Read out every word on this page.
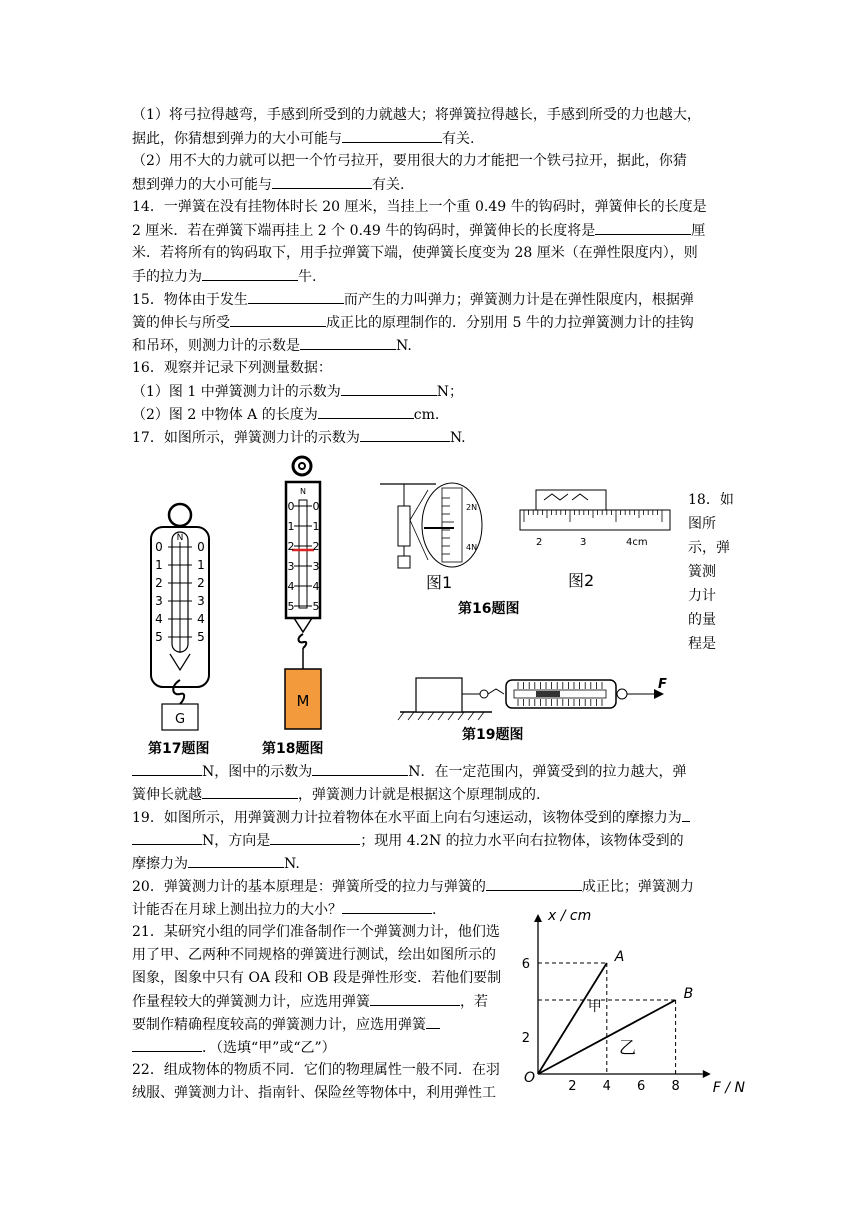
（1）将弓拉得越弯，手感到所受到的力就越大；将弹簧拉得越长，手感到所受的力也越大，
据此，你猜想到弹力的大小可能与	有关.
（2）用不大的力就可以把一个竹弓拉开，要用很大的力才能把一个铁弓拉开，据此，你猜
想到弹力的大小可能与	有关.
14．一弹簧在没有挂物体时长 20 厘米，当挂上一个重 0.49 牛的钩码时，弹簧伸长的长度是
2 厘米．若在弹簧下端再挂上 2 个 0.49 牛的钩码时，弹簧伸长的长度将是	厘
米．若将所有的钩码取下，用手拉弹簧下端，使弹簧长度变为 28 厘米（在弹性限度内），则
手的拉力为	牛.
15．物体由于发生	而产生的力叫弹力；弹簧测力计是在弹性限度内，根据弹
簧的伸长与所受	成正比的原理制作的．分别用 5 牛的力拉弹簧测力计的挂钩
和吊环，则测力计的示数是	N.
16．观察并记录下列测量数据：
（1）图 1 中弹簧测力计的示数为	N；
（2）图 2 中物体 A 的长度为	cm.
17．如图所示，弹簧测力计的示数为	N.
N
0
1
2
3
4
5
0
1
2
3
4
5
G
N
0
1
2
3
4
5
0
1
2
3
4
5
M
第17题图	第18题图
2N
4N	2	3	4cm
图1	图2
第16题图
18．如
图所
示，弹
簧测
力计
的量
程是
F
第19题图
N，图中的示数为	N．在一定范围内，弹簧受到的拉力越大，弹
簧伸长就越	，弹簧测力计就是根据这个原理制成的.
19．如图所示，用弹簧测力计拉着物体在水平面上向右匀速运动，该物体受到的摩擦力为
N，方向是	；现用 4.2N 的拉力水平向右拉物体，该物体受到的
摩擦力为	N.
20．弹簧测力计的基本原理是：弹簧所受的拉力与弹簧的	成正比；弹簧测力
计能否在月球上测出拉力的大小？	.
21．某研究小组的同学们准备制作一个弹簧测力计，他们选
用了甲、乙两种不同规格的弹簧进行测试，绘出如图所示的
图象，图象中只有 OA 段和 OB 段是弹性形变．若他们要制
作量程较大的弹簧测力计，应选用弹簧	，若
要制作精确程度较高的弹簧测力计，应选用弹簧
．（选填“甲”或“乙”）
22．组成物体的物质不同．它们的物理属性一般不同．在羽
绒服、弹簧测力计、指南针、保险丝等物体中，利用弹性工
A
B
甲
乙
2 4 6 8
2
6
O
F / N
x / cm
